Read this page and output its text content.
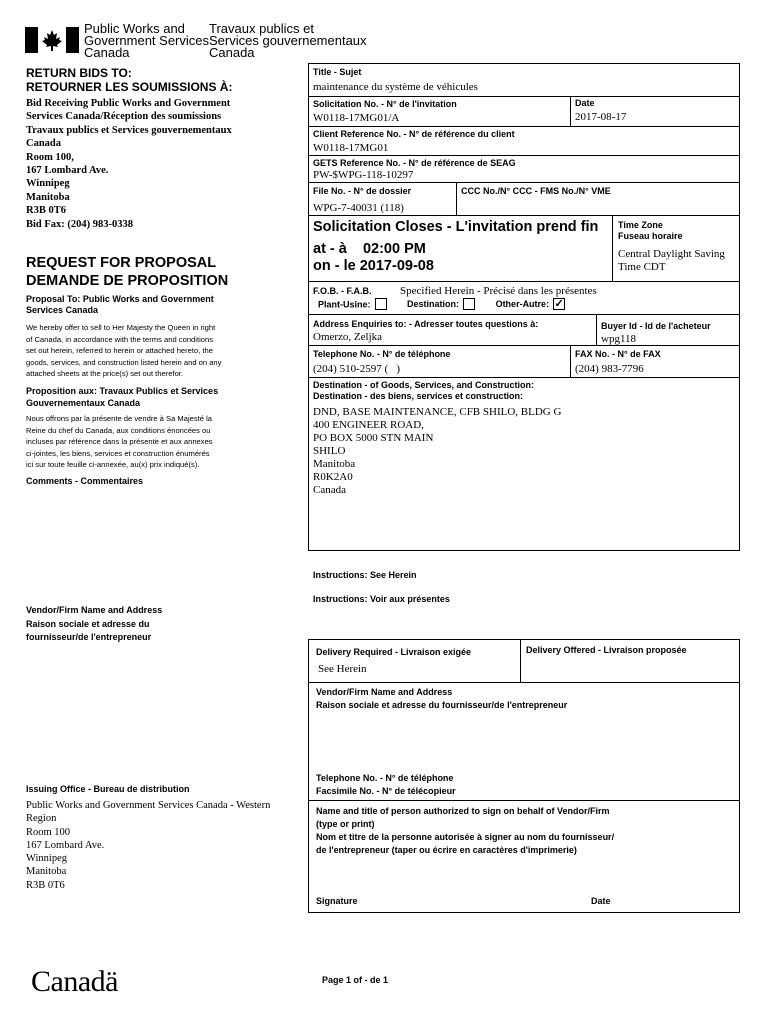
Public Works and
Government Services
Canada
Travaux publics et
Services gouvernementaux
Canada
RETURN BIDS TO:
RETOURNER LES SOUMISSIONS À:
Bid Receiving Public Works and Government
Services Canada/Réception des soumissions
Travaux publics et Services gouvernementaux
Canada
Room 100,
167 Lombard Ave.
Winnipeg
Manitoba
R3B 0T6
Bid Fax: (204) 983-0338
REQUEST FOR PROPOSAL
DEMANDE DE PROPOSITION
Proposal To: Public Works and Government
Services Canada
We hereby offer to sell to Her Majesty the Queen in right
of Canada, in accordance with the terms and conditions
set out herein, referred to herein or attached hereto, the
goods, services, and construction listed herein and on any
attached sheets at the price(s) set out therefor.
Proposition aux: Travaux Publics et Services
Gouvernementaux Canada
Nous offrons par la présente de vendre à Sa Majesté la
Reine du chef du Canada, aux conditions énoncées ou
incluses par référence dans la présente et aux annexes
ci-jointes, les biens, services et construction énumérés
ici sur toute feuille ci-annexée, au(x) prix indiqué(s).
Comments - Commentaires
Vendor/Firm Name and Address
Raison sociale et adresse du
fournisseur/de l'entrepreneur
Issuing Office - Bureau de distribution
Public Works and Government Services Canada - Western
Region
Room 100
167 Lombard Ave.
Winnipeg
Manitoba
R3B 0T6
Title - Sujet
maintenance du système de véhicules
Solicitation No. - N° de l'invitation
W0118-17MG01/A
Date
2017-08-17
Client Reference No. - N° de référence du client
W0118-17MG01
GETS Reference No. - N° de référence de SEAG
PW-$WPG-118-10297
File No. - N° de dossier
WPG-7-40031 (118)
CCC No./N° CCC - FMS No./N° VME
Solicitation Closes - L'invitation prend fin
at - à 02:00 PM
on - le 2017-09-08
Time Zone
Fuseau horaire
Central Daylight Saving
Time CDT
F.O.B. - F.A.B.	Specified Herein - Précisé dans les présentes
Plant-Usine:	Destination:	Other-Autre: ✓
Address Enquiries to: - Adresser toutes questions à:
Omerzo, Zeljka
Buyer Id - Id de l'acheteur
wpg118
Telephone No. - N° de téléphone
(204) 510-2597 (   )
FAX No. - N° de FAX
(204) 983-7796
Destination - of Goods, Services, and Construction:
Destination - des biens, services et construction:
DND, BASE MAINTENANCE, CFB SHILO, BLDG G
400 ENGINEER ROAD,
PO BOX 5000 STN MAIN
SHILO
Manitoba
R0K2A0
Canada
Instructions: See Herein
Instructions: Voir aux présentes
Delivery Required - Livraison exigée
See Herein
Delivery Offered - Livraison proposée
Vendor/Firm Name and Address
Raison sociale et adresse du fournisseur/de l'entrepreneur
Telephone No. - N° de téléphone
Facsimile No. - N° de télécopieur
Name and title of person authorized to sign on behalf of Vendor/Firm
(type or print)
Nom et titre de la personne autorisée à signer au nom du fournisseur/
de l'entrepreneur (taper ou écrire en caractères d'imprimerie)
Signature	Date
Canadä	Page 1 of - de 1
